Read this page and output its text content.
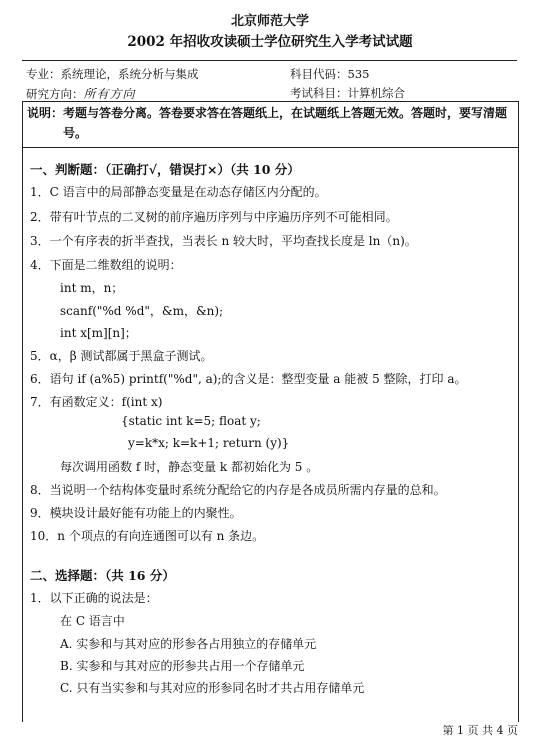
北京师范大学
2002 年招收攻读硕士学位研究生入学考试试题
专业：系统理论，系统分析与集成	科目代码：535
研究方向：所有方向	考试科目：计算机综合
说明：考题与答卷分离。答卷要求答在答题纸上，在试题纸上答题无效。答题时，要写清题
号。
一、判断题：（正确打√，错误打×）（共 10 分）
1．C 语言中的局部静态变量是在动态存储区内分配的。
2．带有叶节点的二叉树的前序遍历序列与中序遍历序列不可能相同。
3．一个有序表的折半查找，当表长 n 较大时，平均查找长度是 ln（n)。
4．下面是二维数组的说明：
int m，n；
scanf("%d %d"，&m，&n);
int x[m][n]；
5．α，β 测试都属于黑盒子测试。
6．语句 if (a%5) printf("%d", a);的含义是：整型变量 a 能被 5 整除，打印 a。
7．有函数定义：f(int x)
{static int k=5; float y;
y=k*x; k=k+1; return (y)}
每次调用函数 f 时，静态变量 k 都初始化为 5 。
8．当说明一个结构体变量时系统分配给它的内存是各成员所需内存量的总和。
9．模块设计最好能有功能上的内聚性。
10．n 个项点的有向连通图可以有 n 条边。
二、选择题：（共 16 分）
1．以下正确的说法是：
在 C 语言中
A. 实参和与其对应的形参各占用独立的存储单元
B. 实参和与其对应的形参共占用一个存储单元
C. 只有当实参和与其对应的形参同名时才共占用存储单元
第 1 页 共 4 页
